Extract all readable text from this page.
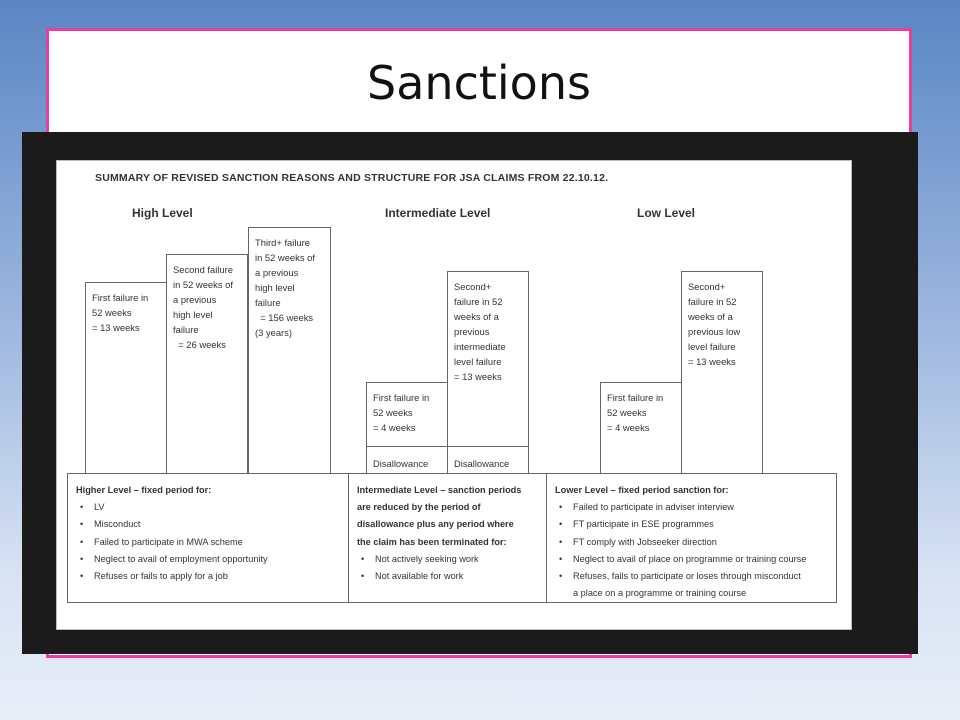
Sanctions
SUMMARY OF REVISED SANCTION REASONS AND STRUCTURE FOR JSA CLAIMS FROM 22.10.12.
High Level	Intermediate Level	Low Level
First failure in
52 weeks
= 13 weeks
Second failure
in 52 weeks of
a previous
high level
failure
= 26 weeks
Third+ failure
in 52 weeks of
a previous
high level
failure
= 156 weeks
(3 years)
First failure in
52 weeks
= 4 weeks
Second+
failure in 52
weeks of a
previous
intermediate
level failure
= 13 weeks
Disallowance	Disallowance
First failure in
52 weeks
= 4 weeks
Second+
failure in 52
weeks of a
previous low
level failure
= 13 weeks
Higher Level – fixed period for:
• LV
• Misconduct
• Failed to participate in MWA scheme
• Neglect to avail of employment opportunity
• Refuses or fails to apply for a job
Intermediate Level – sanction periods
are reduced by the period of
disallowance plus any period where
the claim has been terminated for:
• Not actively seeking work
• Not available for work
Lower Level – fixed period sanction for:
• Failed to participate in adviser interview
• FT participate in ESE programmes
• FT comply with Jobseeker direction
• Neglect to avail of place on programme or training course
• Refuses, fails to participate or loses through misconduct
a place on a programme or training course
